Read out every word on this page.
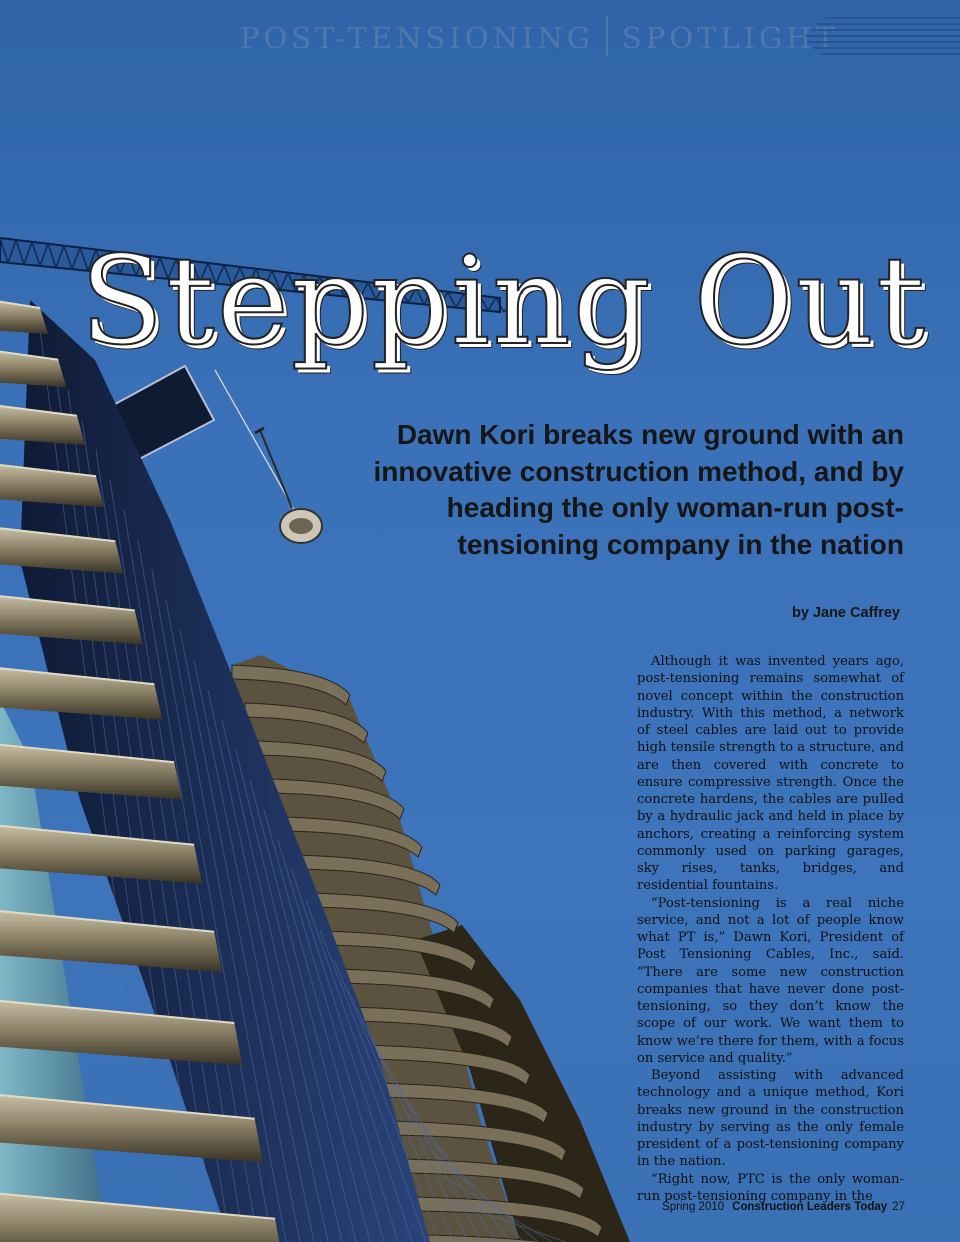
POST-TENSIONING SPOTLIGHT
Stepping Out
Dawn Kori breaks new ground with an innovative construction method, and by heading the only woman-run post-tensioning company in the nation
by Jane Caffrey

Although it was invented years ago, post-tensioning remains somewhat of novel concept within the construction industry. With this method, a network of steel cables are laid out to provide high tensile strength to a structure, and are then covered with concrete to ensure compressive strength. Once the concrete hardens, the cables are pulled by a hydraulic jack and held in place by anchors, creating a reinforcing system commonly used on parking garages, sky rises, tanks, bridges, and residential fountains.

“Post-tensioning is a real niche service, and not a lot of people know what PT is,” Dawn Kori, President of Post Tensioning Cables, Inc., said. “There are some new construction companies that have never done post-tensioning, so they don’t know the scope of our work. We want them to know we’re there for them, with a focus on service and quality.”

Beyond assisting with advanced technology and a unique method, Kori breaks new ground in the construction industry by serving as the only female president of a post-tensioning company in the nation.

“Right now, PTC is the only woman-run post-tensioning company in the

Spring 2010 Construction Leaders Today 27
